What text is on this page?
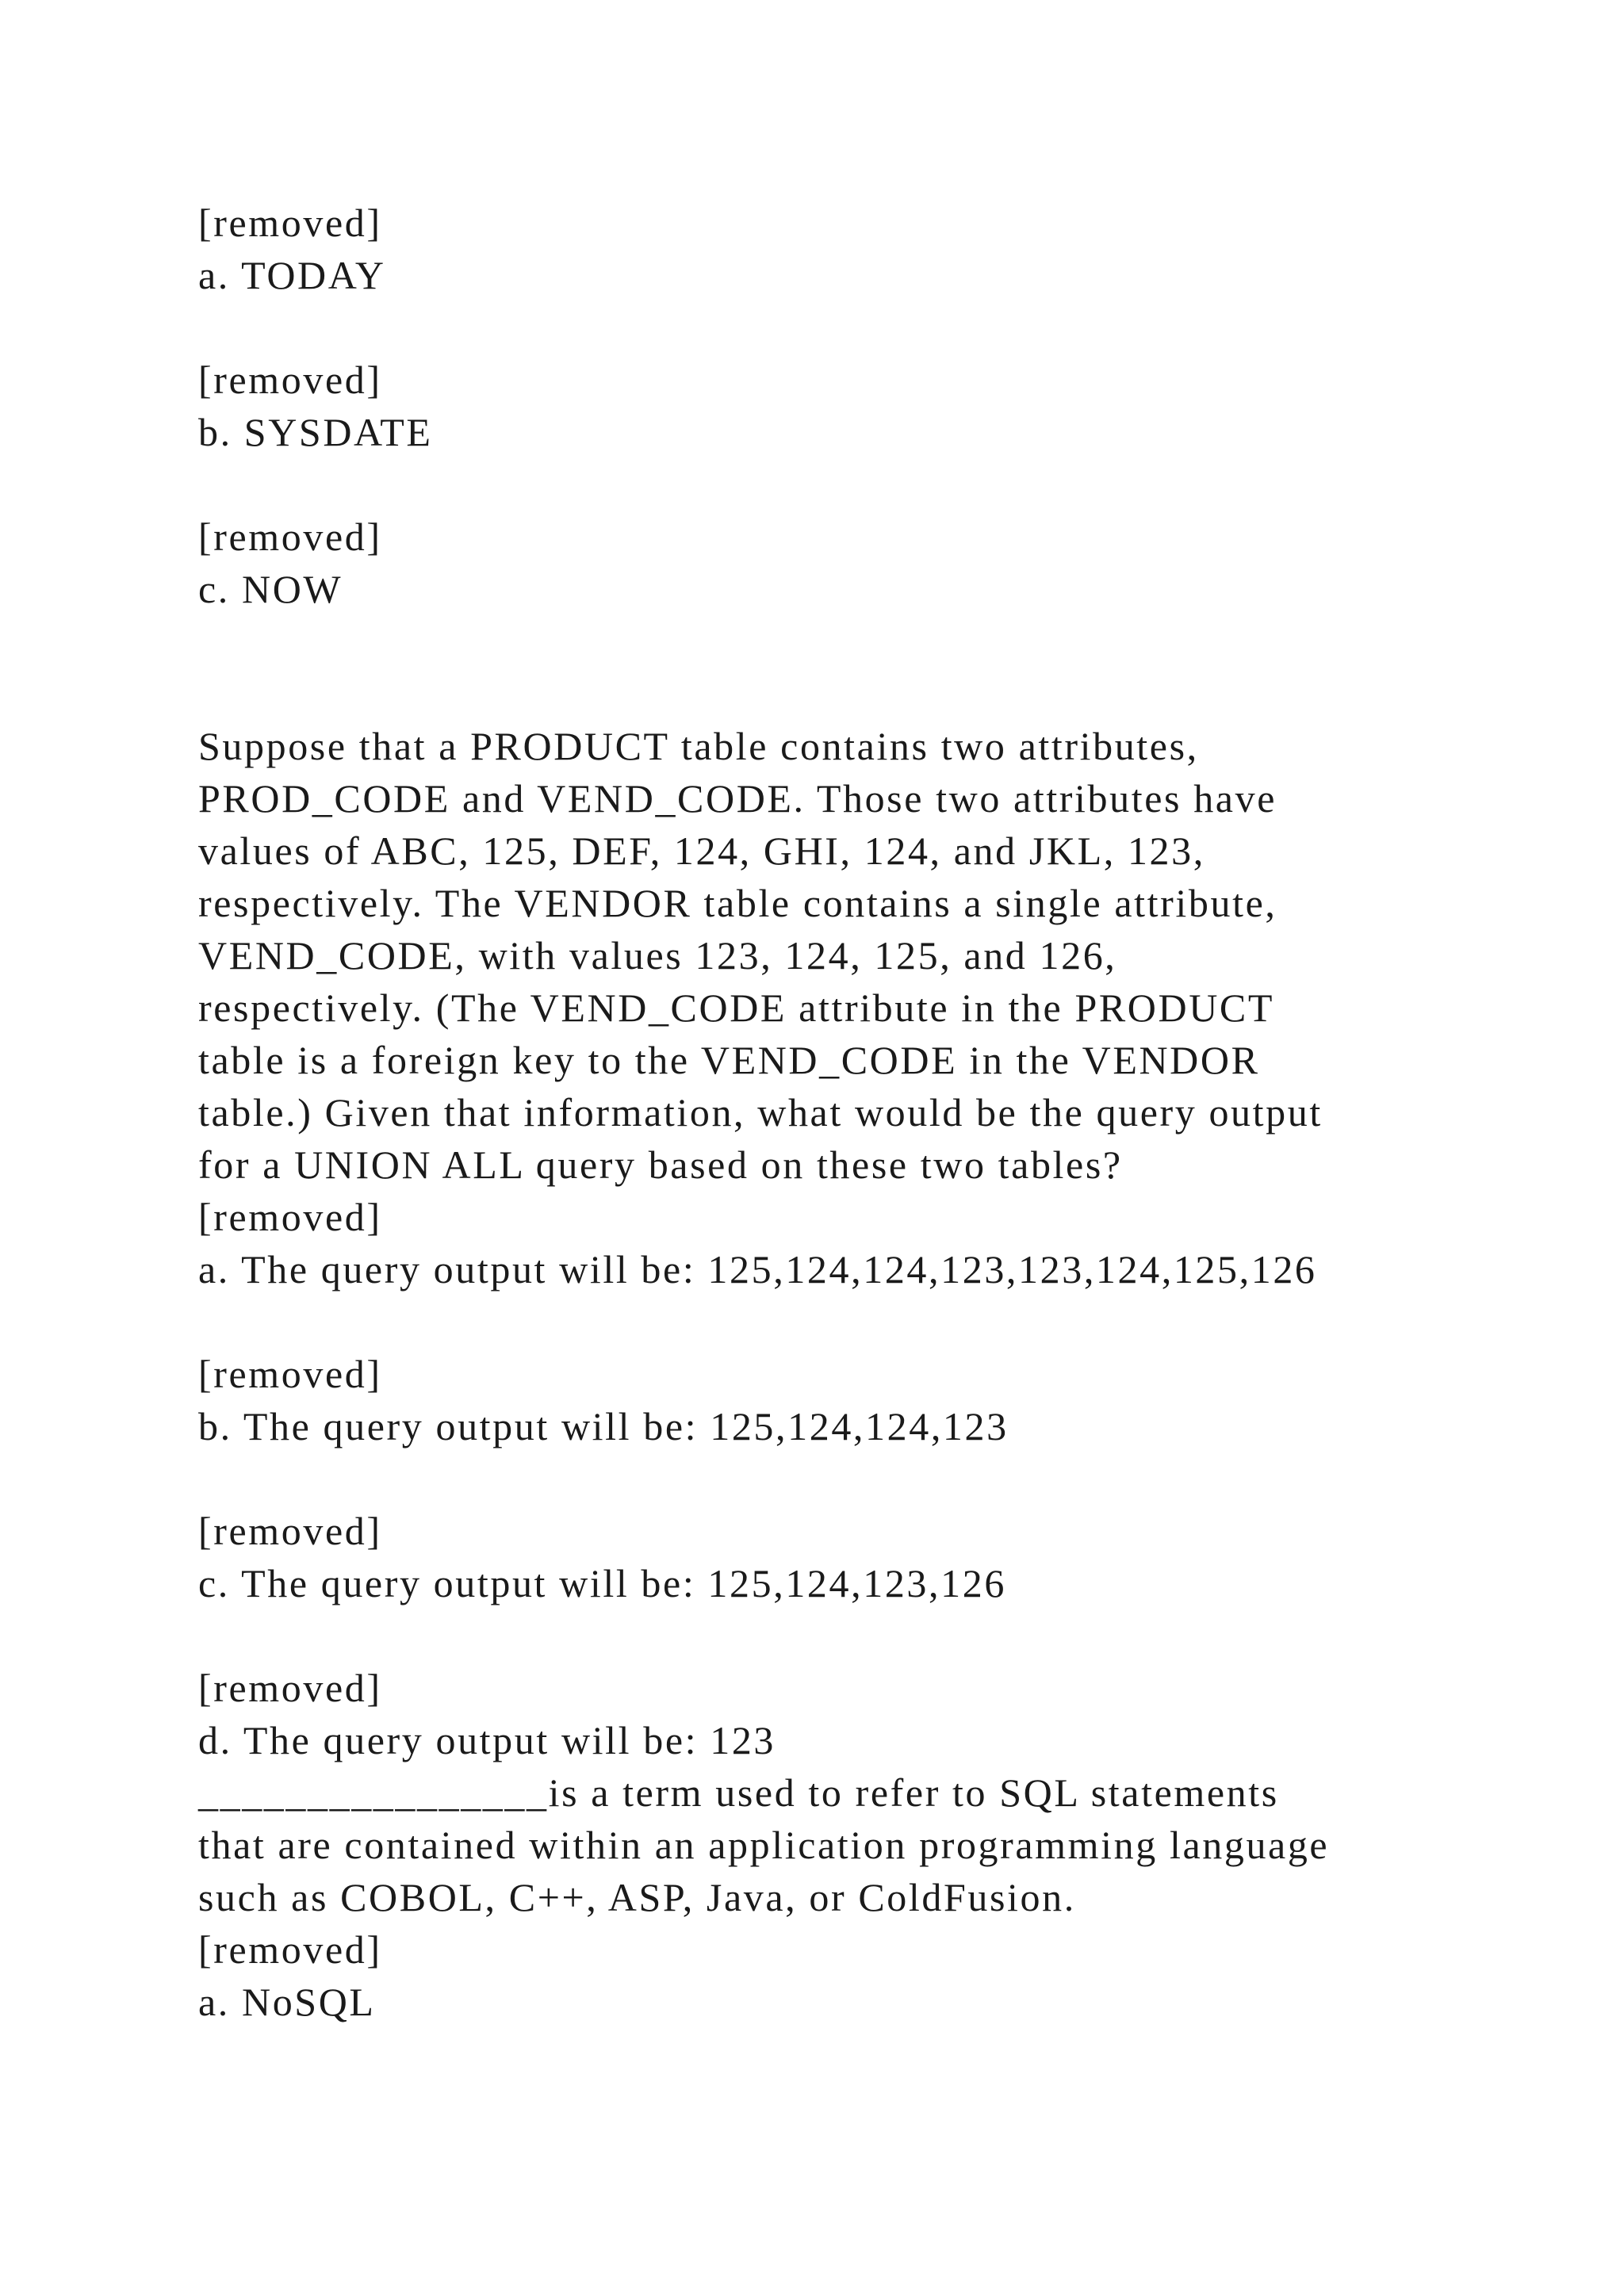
[removed]
a. TODAY
[removed]
b. SYSDATE
[removed]
c. NOW
Suppose that a PRODUCT table contains two attributes,
PROD_CODE and VEND_CODE. Those two attributes have
values of ABC, 125, DEF, 124, GHI, 124, and JKL, 123,
respectively. The VENDOR table contains a single attribute,
VEND_CODE, with values 123, 124, 125, and 126,
respectively. (The VEND_CODE attribute in the PRODUCT
table is a foreign key to the VEND_CODE in the VENDOR
table.) Given that information, what would be the query output
for a UNION ALL query based on these two tables?
[removed]
a. The query output will be: 125,124,124,123,123,124,125,126
[removed]
b. The query output will be: 125,124,124,123
[removed]
c. The query output will be: 125,124,123,126
[removed]
d. The query output will be: 123
________________is a term used to refer to SQL statements
that are contained within an application programming language
such as COBOL, C++, ASP, Java, or ColdFusion.
[removed]
a. NoSQL
